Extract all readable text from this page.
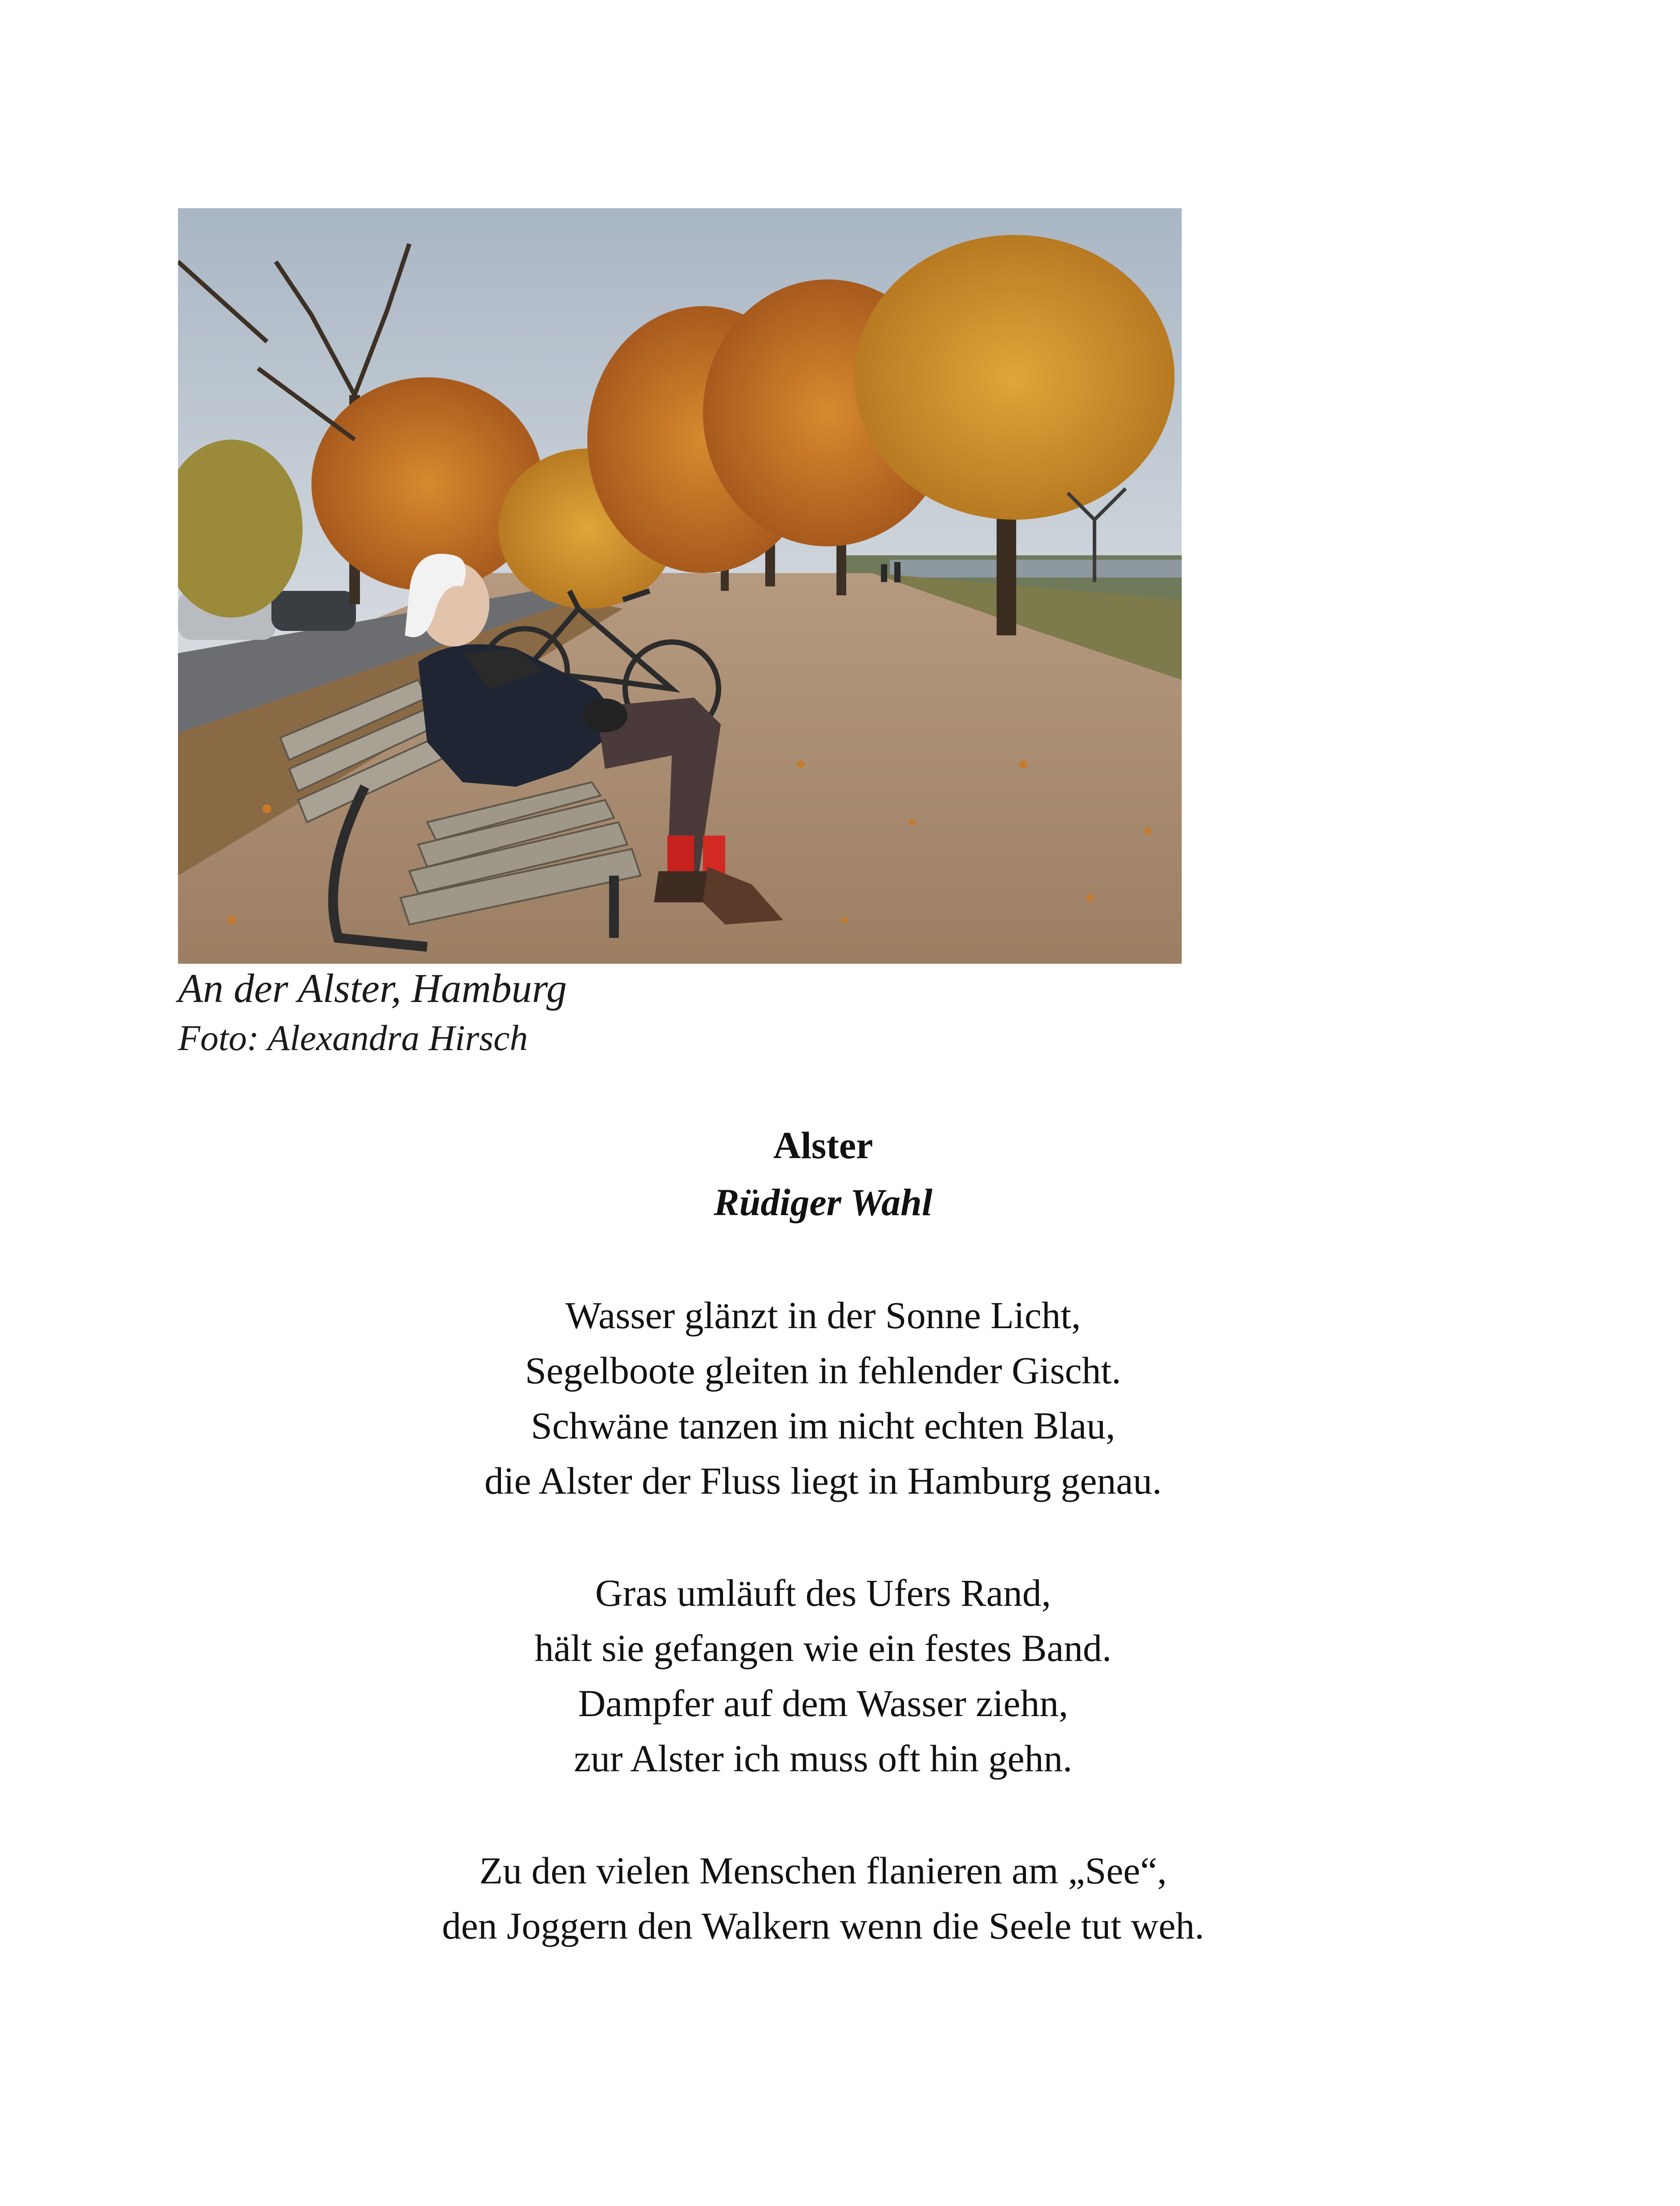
An der Alster, Hamburg
Foto: Alexandra Hirsch
Alster
Rüdiger Wahl
Wasser glänzt in der Sonne Licht,
Segelboote gleiten in fehlender Gischt.
Schwäne tanzen im nicht echten Blau,
die Alster der Fluss liegt in Hamburg genau.
Gras umläuft des Ufers Rand,
hält sie gefangen wie ein festes Band.
Dampfer auf dem Wasser ziehn,
zur Alster ich muss oft hin gehn.
Zu den vielen Menschen flanieren am „See“,
den Joggern den Walkern wenn die Seele tut weh.
